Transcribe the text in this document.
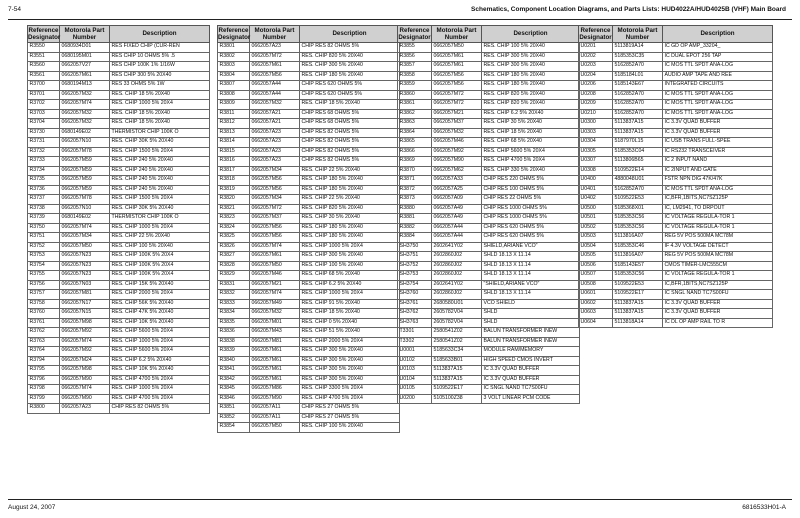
7-54	Schematics, Component Location Diagrams, and Parts Lists: HUD4022A/HUD4025B (VHF) Main Board
Reference Designator	Motorola Part Number	Description
R3550	0680934D01	RES FIXED CHIP (CUR-REN
R3551	0680195M01	RES CHIP 10 OHMS 5% .5
R3560	0662057V27	RES CHIP 100K 1% 1/16W
R3561	0662057M61	RES CHIP 300 5% 20X40
R3700	0680194M13	RES 33 OHMS 5% 1W
R3701	0662057M32	RES. CHIP 18 5% 20X40
R3702	0662057M74	RES. CHIP 1000 5% 20X4
R3703	0662057M32	RES. CHIP 18 5% 20X40
R3704	0662057M32	RES. CHIP 18 5% 20X40
R3730	0680149E02	THERMISTOR CHIP 100K O
R3731	0662057N10	RES. CHIP 30K 5% 20X40
R3732	0662057M78	RES. CHIP 1500 5% 20X4
R3733	0662057M59	RES. CHIP 240 5% 20X40
R3734	0662057M59	RES. CHIP 240 5% 20X40
R3735	0662057M59	RES. CHIP 240 5% 20X40
R3736	0662057M59	RES. CHIP 240 5% 20X40
R3737	0662057M78	RES. CHIP 1500 5% 20X4
R3738	0662057N10	RES. CHIP 30K 5% 20X40
R3739	0680149E02	THERMISTOR CHIP 100K O
R3750	0662057M74	RES. CHIP 1000 5% 20X4
R3751	0662057M34	RES. CHIP 22 5% 20X40
R3752	0662057M50	RES. CHIP 100 5% 20X40
R3753	0662057N23	RES. CHIP 100K 5% 20X4
R3754	0662057N23	RES. CHIP 100K 5% 20X4
R3755	0662057N23	RES. CHIP 100K 5% 20X4
R3756	0662057N03	RES. CHIP 15K 5% 20X40
R3757	0662057M81	RES. CHIP 2000 5% 20X4
R3758	0662057N17	RES. CHIP 56K 5% 20X40
R3760	0662057N15	RES. CHIP 47K 5% 20X40
R3761	0662057M98	RES. CHIP 10K 5% 20X40
R3762	0662057M92	RES. CHIP 5600 5% 20X4
R3763	0662057M74	RES. CHIP 1000 5% 20X4
R3764	0662057M92	RES. CHIP 5600 5% 20X4
R3794	0662057M24	RES. CHIP 6.2 5% 20X40
R3795	0662057M98	RES. CHIP 10K 5% 20X40
R3796	0662057M90	RES. CHIP 4700 5% 20X4
R3798	0662057M74	RES. CHIP 1000 5% 20X4
R3799	0662057M90	RES. CHIP 4700 5% 20X4
R3800	0662057A23	CHIP RES 82 OHMS 5%
Reference Designator	Motorola Part Number	Description
R3801	0662057A23	CHIP RES 82 OHMS 5%
R3802	0662057M72	RES. CHIP 820 5% 20X40
R3803	0662057M61	RES. CHIP 300 5% 20X40
R3804	0662057M56	RES. CHIP 180 5% 20X40
R3807	0662057A44	CHIP RES 620 OHMS 5%
R3808	0662057A44	CHIP RES 620 OHMS 5%
R3809	0662057M32	RES. CHIP 18 5% 20X40
R3811	0662057A21	CHIP RES 68 OHMS 5%
R3812	0662057A21	CHIP RES 68 OHMS 5%
R3813	0662057A23	CHIP RES 82 OHMS 5%
R3814	0662057A23	CHIP RES 82 OHMS 5%
R3815	0662057A23	CHIP RES 82 OHMS 5%
R3816	0662057A23	CHIP RES 82 OHMS 5%
R3817	0662057M34	RES. CHIP 22 5% 20X40
R3818	0662057M56	RES. CHIP 180 5% 20X40
R3819	0662057M56	RES. CHIP 180 5% 20X40
R3820	0662057M34	RES. CHIP 22 5% 20X40
R3821	0662057M72	RES. CHIP 820 5% 20X40
R3823	0662057M37	RES. CHIP 30 5% 20X40
R3824	0662057M56	RES. CHIP 180 5% 20X40
R3825	0662057M56	RES. CHIP 180 5% 20X40
R3826	0662057M74	RES. CHIP 1000 5% 20X4
R3827	0662057M61	RES. CHIP 300 5% 20X40
R3828	0662057M50	RES. CHIP 100 5% 20X40
R3829	0662057M46	RES. CHIP 68 5% 20X40
R3831	0662057M21	RES. CHIP 6.2 5% 20X40
R3832	0662057M74	RES. CHIP 1000 5% 20X4
R3833	0662057M49	RES. CHIP 91 5% 20X40
R3834	0662057M32	RES. CHIP 18 5% 20X40
R3835	0662057M01	RES. CHIP 0 5% 20X40
R3836	0662057M43	RES. CHIP 51 5% 20X40
R3838	0662057M81	RES. CHIP 2000 5% 20X4
R3839	0662057M61	RES. CHIP 300 5% 20X40
R3840	0662057M61	RES. CHIP 300 5% 20X40
R3841	0662057M61	RES. CHIP 300 5% 20X40
R3842	0662057M61	RES. CHIP 300 5% 20X40
R3845	0662057M86	RES. CHIP 3300 5% 20X4
R3846	0662057M90	RES. CHIP 4700 5% 20X4
R3851	0662057A11	CHIP RES 27 OHMS 5%
R3852	0662057A11	CHIP RES 27 OHMS 5%
R3854	0662057M50	RES. CHIP 100 5% 20X40
Reference Designator	Motorola Part Number	Description
R3855	0662057M50	RES. CHIP 100 5% 20X40
R3856	0662057M61	RES. CHIP 300 5% 20X40
R3857	0662057M61	RES. CHIP 300 5% 20X40
R3858	0662057M56	RES. CHIP 180 5% 20X40
R3859	0662057M56	RES. CHIP 180 5% 20X40
R3860	0662057M72	RES. CHIP 820 5% 20X40
R3861	0662057M72	RES. CHIP 820 5% 20X40
R3862	0662057M21	RES. CHIP 6.2 5% 20X40
R3863	0662057M37	RES. CHIP 30 5% 20X40
R3864	0662057M32	RES. CHIP 18 5% 20X40
R3865	0662057M46	RES. CHIP 68 5% 20X40
R3866	0662057M92	RES. CHIP 5600 5% 20X4
R3869	0662057M90	RES. CHIP 4700 5% 20X4
R3870	0662057M62	RES. CHIP 330 5% 20X40
R3871	0662057A33	CHIP RES 220 OHMS 5%
R3872	0662057A25	CHIP RES 100 OHMS 5%
R3873	0662057A09	CHIP RES 22 OHMS 5%
R3880	0662057A49	CHIP RES 1000 OHMS 5%
R3881	0662057A49	CHIP RES 1000 OHMS 5%
R3882	0662057A44	CHIP RES 620 OHMS 5%
R3884	0662057A44	CHIP RES 620 OHMS 5%
SH3750	2602641Y02	SHIELD,ARIANE VCO"
SH3751	2602860J02	SHLD 18.13 X 11.14
SH3752	2602860J02	SHLD 18.13 X 11.14
SH3753	2602860J02	SHLD 18.13 X 11.14
SH3754	2602641Y02	"SHIELD,ARIANE VCO"
SH3760	2602860J02	SHLD 18.13 X 11.14
SH3761	2680580U01	VCO SHIELD
SH3762	2605782V04	SHLD
SH3763	2605782V04	SHLD
T3301	2580541Z02	BALUN TRANSFORMER INEW
T3302	2580541Z02	BALUN TRANSFORMER INEW
U0001	5185633C34	MODULE RAM/MEMORY
U0102	5185633B01	HIGH SPEED CMOS INVERT
U0103	5113837A15	IC 3.3V QUAD BUFFER
U0104	5113837A15	IC 3.3V QUAD BUFFER
U0105	5109522E17	IC SNGL NAND TC7S00FU
U0200	5105100Z38	3 VOLT LINEAR PCM CODE
Reference Designator	Motorola Part Number	Description
U0201	5113819A14	IC GD OP AMP_33204_
U0202	5185353C35	IC DUAL EPOT 256 TAP
U0203	5162852A70	IC MOS TTL SPDT ANA-LOG
U0204	5185184L01	AUDIO AMP TAPE AND REE
U0206	5185143E67	INTEGRATED CIRCUITS
U0208	5162852A70	IC MOS TTL SPDT ANA-LOG
U0209	5162852A70	IC MOS TTL SPDT ANA-LOG
U0210	5162852A70	IC MOS TTL SPDT ANA-LOG
U0300	5113837A15	IC 3.3V QUAD BUFFER
U0303	5113837A15	IC 3.3V QUAD BUFFER
U0304	5187970L15	IC USB TRANS FULL-SPEE
U0305	5185353C04	IC RS232 TRANSCEIVER
U0307	5113806B65	IC 2 INPUT NAND
U0308	5109522E14	IC 2INPUT AND GATE
U0400	4880048U01	FSTR NPN DIG 47K/47K
U0401	5162852A70	IC MOS TTL SPDT ANA-LOG
U0402	5109522E53	IC,BFR,1BITS,NC7SZ125P
U0500	5185368X01	IC, LM2941, TO DRPOUT
U0501	5185353C56	IC VOLTAGE REGULA-TOR 1
U0502	5185353C56	IC VOLTAGE REGULA-TOR 1
U0503	5113816A07	REG 5V POS 500MA MC78M
U0504	5185353C46	IF 4.3V VOLTAGE DETECT
U0505	5113816A07	REG 5V POS 500MA MC78M
U0506	5185143E57	CMOS TIMER-LMC555CM
U0507	5185353C56	IC VOLTAGE REGULA-TOR 1
U0508	5109522E53	IC,BFR,1BITS,NC7SZ125P
U0601	5109522E17	IC SNGL NAND TC7S00FU
U0602	5113837A15	IC 3.3V QUAD BUFFER
U0603	5113837A15	IC 3.3V QUAD BUFFER
U0604	5113818A14	IC DL OP AMP RAIL TO R
August 24, 2007	6816533H01-A
